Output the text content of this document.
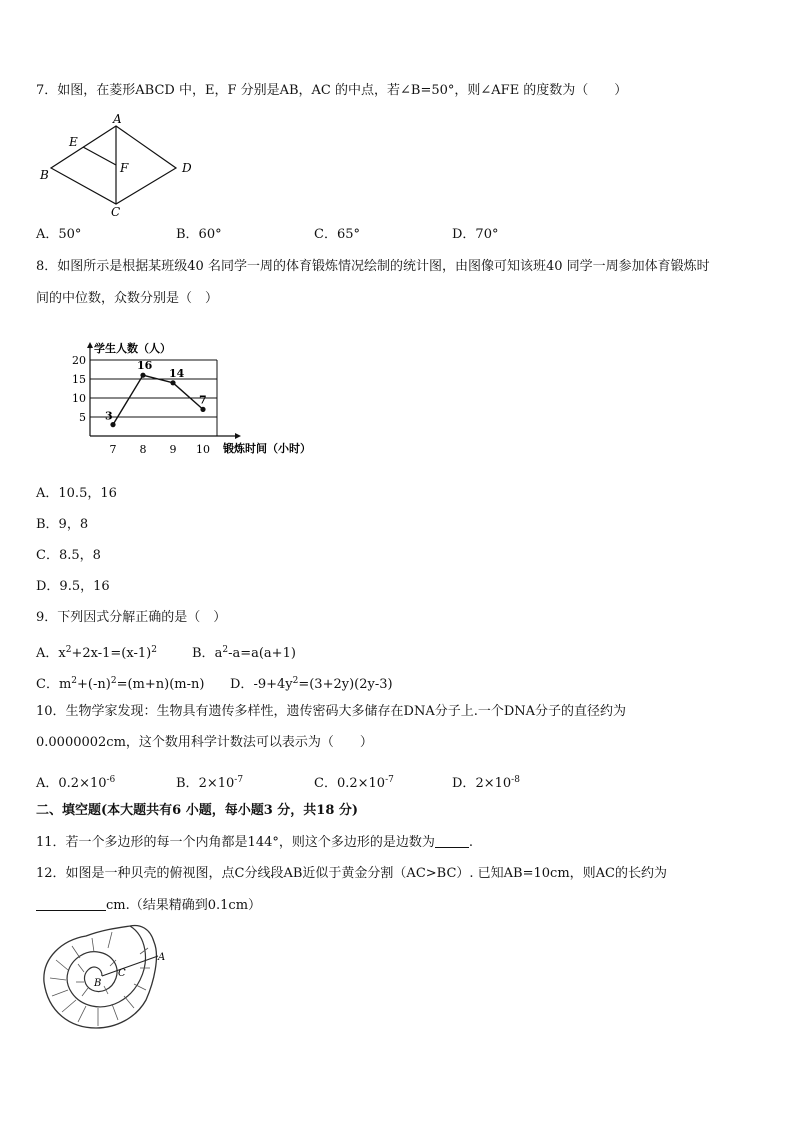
7．如图，在菱形ABCD 中，E，F 分别是AB，AC 的中点，若∠B=50°，则∠AFE 的度数为（　　）
A
E
F
B	D
C
A．50°	B．60°	C．65°	D．70°
8．如图所示是根据某班级40 名同学一周的体育锻炼情况绘制的统计图，由图像可知该班40 同学一周参加体育锻炼时
间的中位数，众数分别是（　）
5
10
15
20
7 8 9 10
学生人数（人）
锻炼时间（小时）
3
16
14
7
A．10.5，16
B．9，8
C．8.5，8
D．9.5，16
9．下列因式分解正确的是（　）
A．$x^2+2x-1=(x-1)^2$	B．$a^2-a=a(a+1)$
C．$m^2+(-n)^2=(m+n)(m-n)$ D．$-9+4y^2=(3+2y)(2y-3)$
10．生物学家发现：生物具有遗传多样性，遗传密码大多储存在DNA分子上.一个DNA分子的直径约为
0.0000002cm，这个数用科学计数法可以表示为（　　）
A．$0.2\times 10^{-6}$	B．$2\times 10^{-7}$	C．$0.2\times 10^{-7}$	D．$2\times 10^{-8}$
二、填空题(本大题共有6 小题，每小题3 分，共18 分)
11．若一个多边形的每一个内角都是144°，则这个多边形的是边数为	.
12．如图是一种贝壳的俯视图，点C分线段AB近似于黄金分割（AC>BC）. 已知AB=10cm，则AC的长约为
cm.（结果精确到0.1cm）
A
B
C
